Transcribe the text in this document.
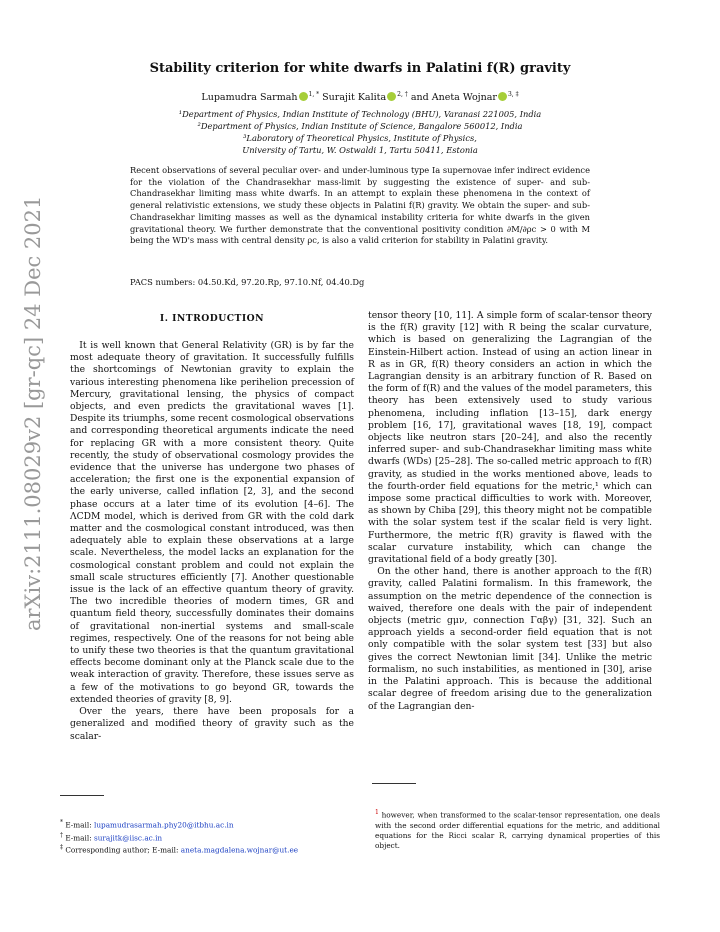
arXiv:2111.08029v2 [gr-qc] 24 Dec 2021
Stability criterion for white dwarfs in Palatini f(R) gravity
Lupamudra Sarmah $^{1, *}$ Surajit Kalita $^{2, \dagger}$ and Aneta Wojnar $^{3, \ddagger}$
¹Department of Physics, Indian Institute of Technology (BHU), Varanasi 221005, India
²Department of Physics, Indian Institute of Science, Bangalore 560012, India
³Laboratory of Theoretical Physics, Institute of Physics,
University of Tartu, W. Ostwaldi 1, Tartu 50411, Estonia
Recent observations of several peculiar over- and under-luminous type Ia supernovae infer indirect evidence for the violation of the Chandrasekhar mass-limit by suggesting the existence of super- and sub-Chandrasekhar limiting mass white dwarfs. In an attempt to explain these phenomena in the context of general relativistic extensions, we study these objects in Palatini f(R) gravity. We obtain the super- and sub-Chandrasekhar limiting masses as well as the dynamical instability criteria for white dwarfs in the given gravitational theory. We further demonstrate that the conventional positivity condition ∂M/∂ρc > 0 with M being the WD's mass with central density ρc, is also a valid criterion for stability in Palatini gravity.
PACS numbers: 04.50.Kd, 97.20.Rp, 97.10.Nf, 04.40.Dg
I. INTRODUCTION

It is well known that General Relativity (GR) is by far the most adequate theory of gravitation. It successfully fulfills the shortcomings of Newtonian gravity to explain the various interesting phenomena like perihelion precession of Mercury, gravitational lensing, the physics of compact objects, and even predicts the gravitational waves [1]. Despite its triumphs, some recent cosmological observations and corresponding theoretical arguments indicate the need for replacing GR with a more consistent theory. Quite recently, the study of observational cosmology provides the evidence that the universe has undergone two phases of acceleration; the first one is the exponential expansion of the early universe, called inflation [2, 3], and the second phase occurs at a later time of its evolution [4–6]. The ΛCDM model, which is derived from GR with the cold dark matter and the cosmological constant introduced, was then adequately able to explain these observations at a large scale. Nevertheless, the model lacks an explanation for the cosmological constant problem and could not explain the small scale structures efficiently [7]. Another questionable issue is the lack of an effective quantum theory of gravity. The two incredible theories of modern times, GR and quantum field theory, successfully dominates their domains of gravitational non-inertial systems and small-scale regimes, respectively. One of the reasons for not being able to unify these two theories is that the quantum gravitational effects become dominant only at the Planck scale due to the weak interaction of gravity. Therefore, these issues serve as a few of the motivations to go beyond GR, towards the extended theories of gravity [8, 9].

Over the years, there have been proposals for a generalized and modified theory of gravity such as the scalar-

tensor theory [10, 11]. A simple form of scalar-tensor theory is the f(R) gravity [12] with R being the scalar curvature, which is based on generalizing the Lagrangian of the Einstein-Hilbert action. Instead of using an action linear in R as in GR, f(R) theory considers an action in which the Lagrangian density is an arbitrary function of R. Based on the form of f(R) and the values of the model parameters, this theory has been extensively used to study various phenomena, including inflation [13–15], dark energy problem [16, 17], gravitational waves [18, 19], compact objects like neutron stars [20–24], and also the recently inferred super- and sub-Chandrasekhar limiting mass white dwarfs (WDs) [25–28]. The so-called metric approach to f(R) gravity, as studied in the works mentioned above, leads to the fourth-order field equations for the metric,¹ which can impose some practical difficulties to work with. Moreover, as shown by Chiba [29], this theory might not be compatible with the solar system test if the scalar field is very light. Furthermore, the metric f(R) gravity is flawed with the scalar curvature instability, which can change the gravitational field of a body greatly [30].

On the other hand, there is another approach to the f(R) gravity, called Palatini formalism. In this framework, the assumption on the metric dependence of the connection is waived, therefore one deals with the pair of independent objects (metric gμν, connection Γαβγ) [31, 32]. Such an approach yields a second-order field equation that is not only compatible with the solar system test [33] but also gives the correct Newtonian limit [34]. Unlike the metric formalism, no such instabilities, as mentioned in [30], arise in the Palatini approach. This is because the additional scalar degree of freedom arising due to the generalization of the Lagrangian den-

* E-mail: lupamudrasarmah.phy20@itbhu.ac.in
† E-mail: surajitk@iisc.ac.in
‡ Corresponding author; E-mail: aneta.magdalena.wojnar@ut.ee
$^1$ however, when transformed to the scalar-tensor representation, one deals with the second order differential equations for the metric, and additional equations for the Ricci scalar R, carrying dynamical properties of this object.
